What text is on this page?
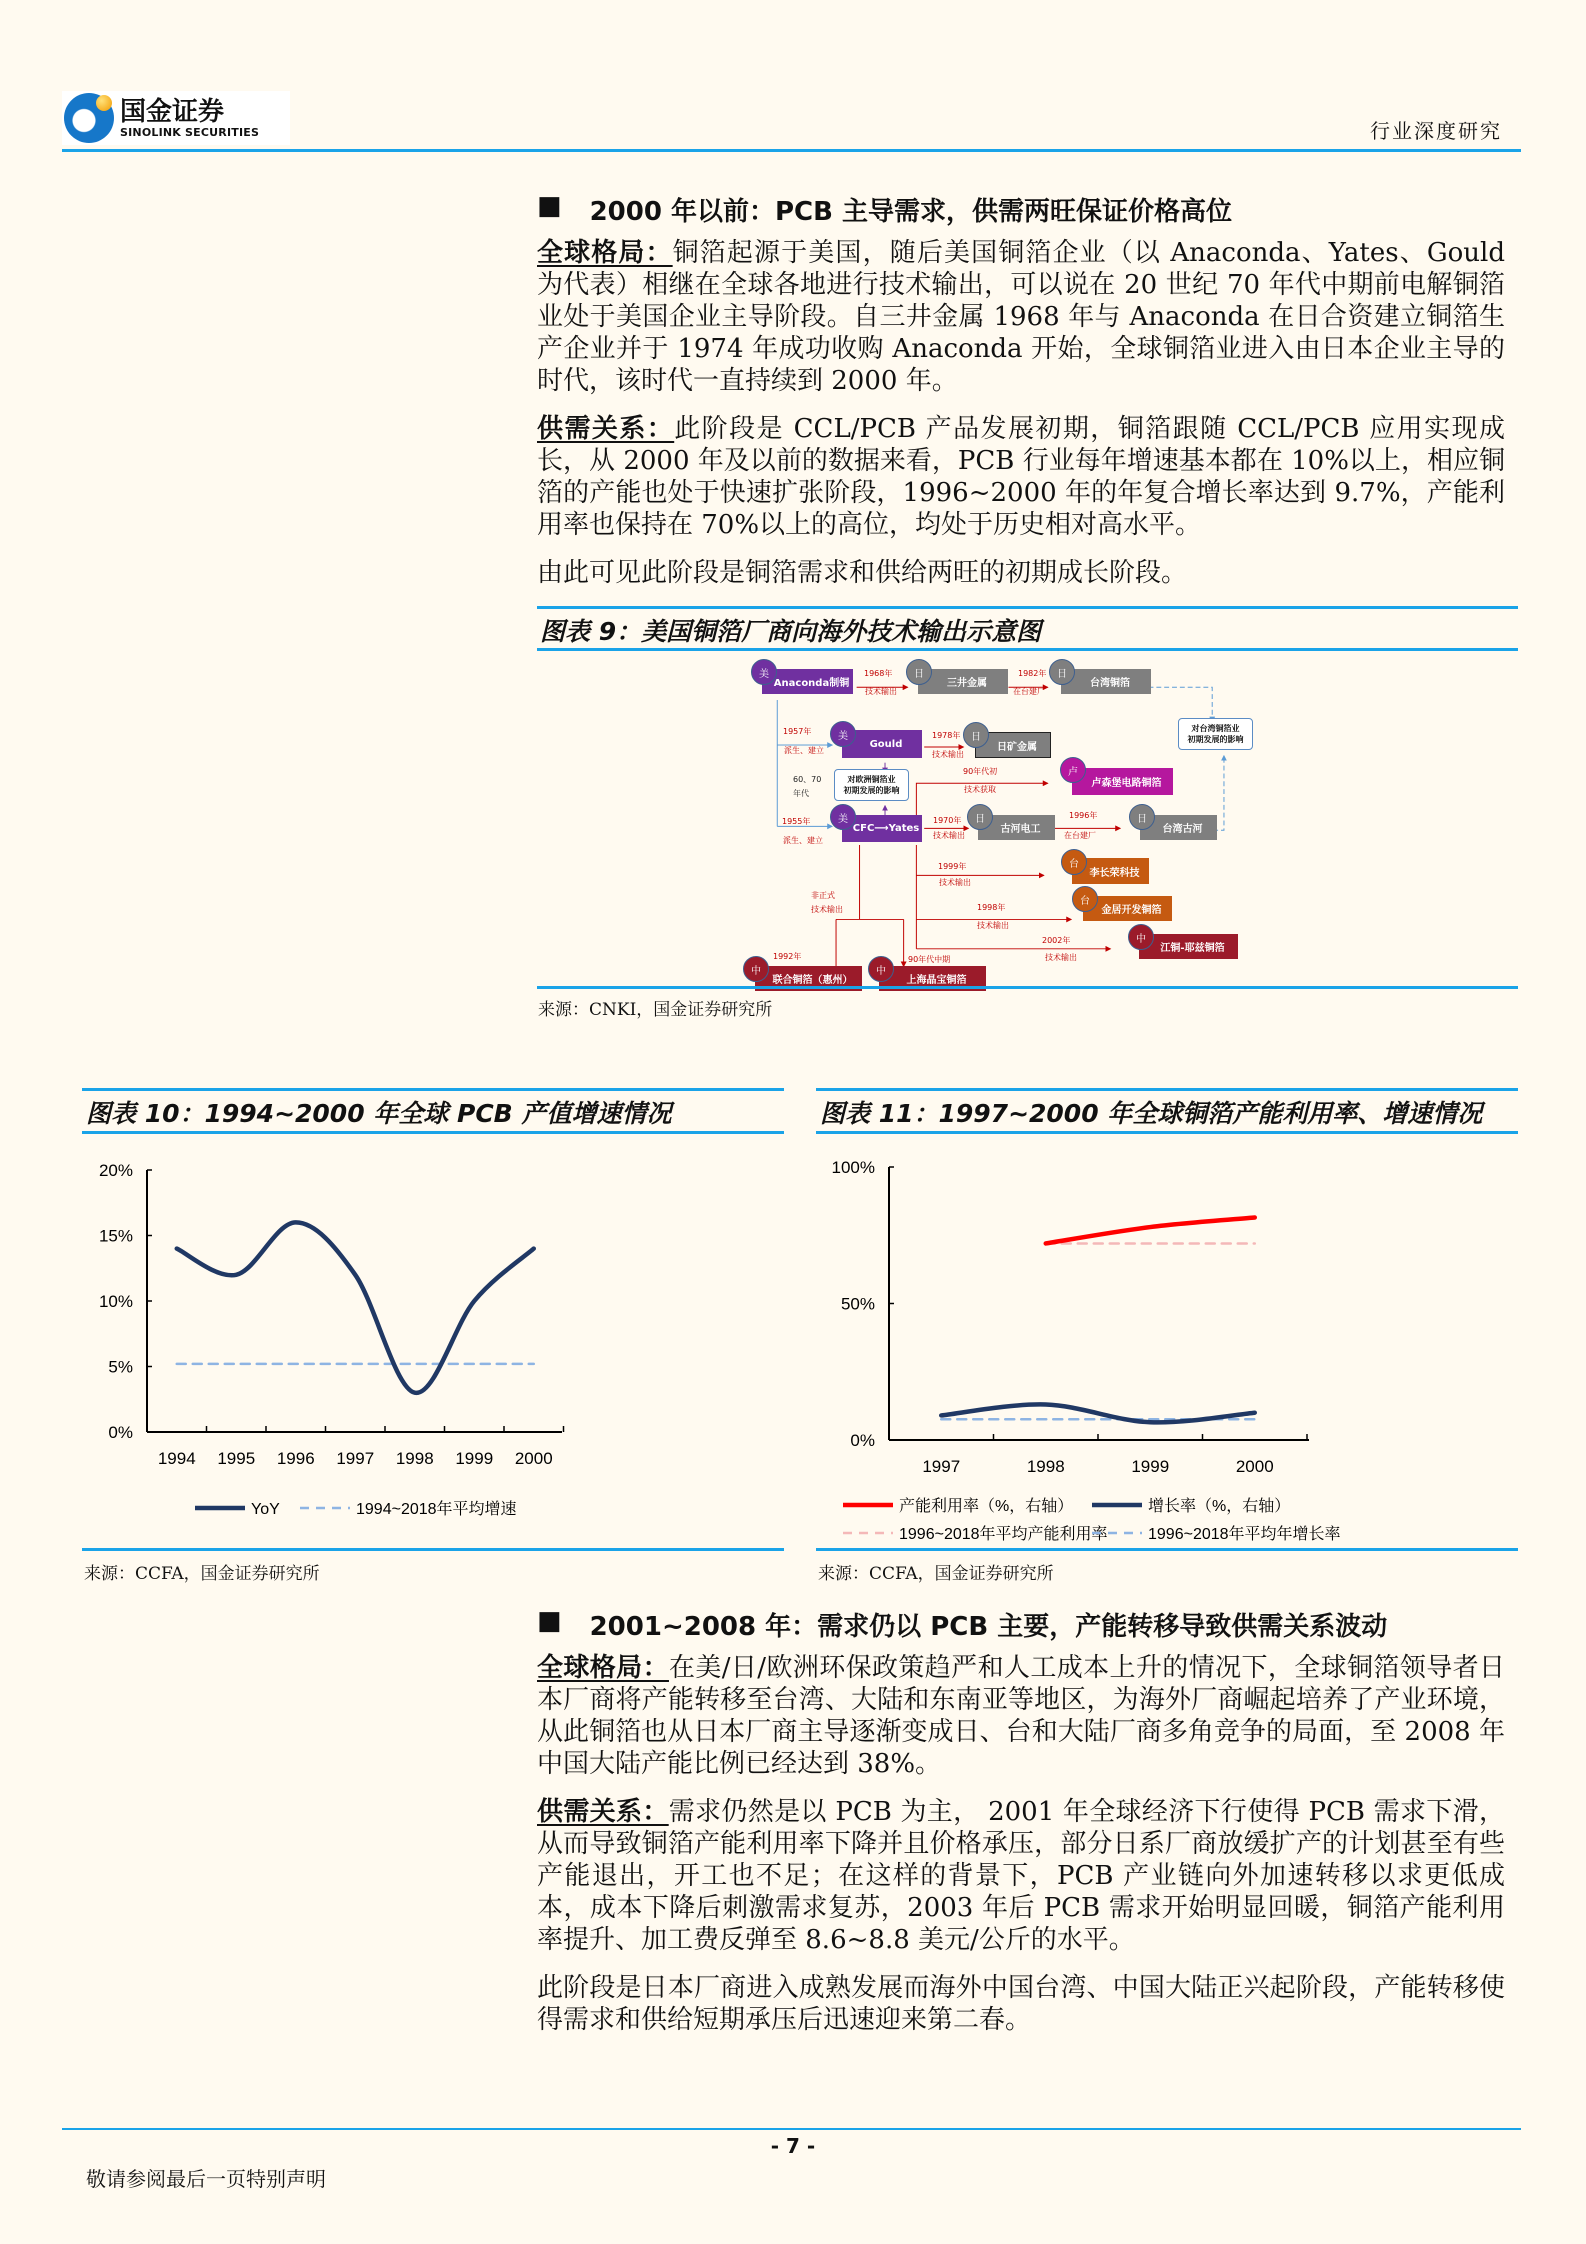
国金证券
SINOLINK SECURITIES	行业深度研究
■ 2000 年以前：PCB 主导需求，供需两旺保证价格高位
全球格局：铜箔起源于美国，随后美国铜箔企业（以 Anaconda、Yates、Gould 为代表）相继在全球各地进行技术输出，可以说在 20 世纪 70 年代中期前电解铜箔业处于美国企业主导阶段。自三井金属 1968 年与 Anaconda 在日合资建立铜箔生产企业并于 1974 年成功收购 Anaconda 开始，全球铜箔业进入由日本企业主导的时代，该时代一直持续到 2000 年。
供需关系：此阶段是 CCL/PCB 产品发展初期，铜箔跟随 CCL/PCB 应用实现成长，从 2000 年及以前的数据来看，PCB 行业每年增速基本都在 10%以上，相应铜箔的产能也处于快速扩张阶段，1996~2000 年的年复合增长率达到 9.7%，产能利用率也保持在 70%以上的高位，均处于历史相对高水平。
由此可见此阶段是铜箔需求和供给两旺的初期成长阶段。
图表 9：美国铜箔厂商向海外技术输出示意图
Anaconda制铜
美
三井金属
日
台湾铜箔
日
Gould
美
日矿金属
日
卢森堡电路铜箔
卢
CFC⟶Yates
美
古河电工
日
台湾古河
日
李长荣科技
台
金居开发铜箔
台
江铜-耶兹铜箔
中
联合铜箔（惠州）
中
上海晶宝铜箔
中
对欧洲铜箔业
初期发展的影响
对台湾铜箔业
初期发展的影响
60、70
年代
1968年
技术输出
1982年
在台建厂
1957年
派生、建立
1978年
技术输出
90年代初
技术获取
1955年
派生、建立
1970年
技术输出
1996年
在台建厂
1999年
技术输出
非正式
技术输出	1998年
技术输出
2002年
技术输出
1992年	90年代中期
来源：CNKI，国金证券研究所
图表 10：1994~2000 年全球 PCB 产值增速情况
0%
5%
10%
15%
20%
1994 1995 1996 1997 1998 1999 2000
YoY	1994~2018年平均增速
来源：CCFA，国金证券研究所
图表 11：1997~2000 年全球铜箔产能利用率、增速情况
0%
50%
100%
1997	1998	1999	2000
产能利用率（%，右轴）	增长率（%，右轴）
1996~2018年平均产能利用率	1996~2018年平均年增长率
来源：CCFA，国金证券研究所
■ 2001~2008 年：需求仍以 PCB 主要，产能转移导致供需关系波动
全球格局：在美/日/欧洲环保政策趋严和人工成本上升的情况下，全球铜箔领导者日本厂商将产能转移至台湾、大陆和东南亚等地区，为海外厂商崛起培养了产业环境，从此铜箔也从日本厂商主导逐渐变成日、台和大陆厂商多角竞争的局面，至 2008 年中国大陆产能比例已经达到 38%。
供需关系：需求仍然是以 PCB 为主， 2001 年全球经济下行使得 PCB 需求下滑，从而导致铜箔产能利用率下降并且价格承压，部分日系厂商放缓扩产的计划甚至有些产能退出，开工也不足；在这样的背景下，PCB 产业链向外加速转移以求更低成本，成本下降后刺激需求复苏，2003 年后 PCB 需求开始明显回暖，铜箔产能利用率提升、加工费反弹至 8.6~8.8 美元/公斤的水平。
此阶段是日本厂商进入成熟发展而海外中国台湾、中国大陆正兴起阶段，产能转移使得需求和供给短期承压后迅速迎来第二春。
- 7 -
敬请参阅最后一页特别声明
